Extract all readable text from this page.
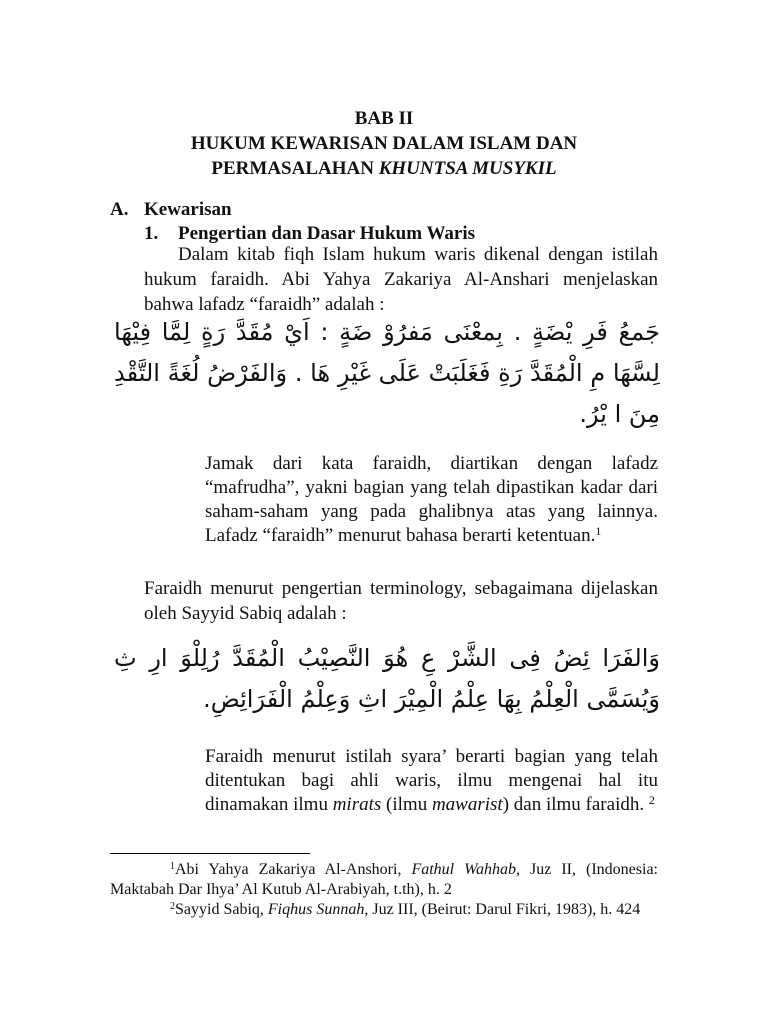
BAB II
HUKUM KEWARISAN DALAM ISLAM DAN
PERMASALAHAN KHUNTSA MUSYKIL
A. Kewarisan
1. Pengertian dan Dasar Hukum Waris

Dalam kitab fiqh Islam hukum waris dikenal dengan istilah hukum faraidh. Abi Yahya Zakariya Al-Anshari menjelaskan bahwa lafadz “faraidh” adalah :

جَمعُ فَرِ يْضَةٍ . بِمعْنَى مَفرُوْ ضَةٍ : اَيْ مُقَدَّ رَةٍ لِمَّا فِيْهَا لِسَّهَا مِ الْمُقَدَّ رَةِ فَغَلَبَتْ عَلَى غَيْرِ هَا . وَالفَرْضُ لُغَةً التَّقْدِ مِنَ ا يْرُ.
Jamak dari kata faraidh, diartikan dengan lafadz “mafrudha”, yakni bagian yang telah dipastikan kadar dari saham-saham yang pada ghalibnya atas yang lainnya. Lafadz “faraidh” menurut bahasa berarti ketentuan.$^1$

Faraidh menurut pengertian terminology, sebagaimana dijelaskan oleh Sayyid Sabiq adalah :

وَالفَرَا ئِضُ فِى الشَّرْ عِ هُوَ النَّصِيْبُ الْمُقَدَّ رُلِلْوَ ارِ ثِ وَيُسَمَّى الْعِلْمُ بِهَا عِلْمُ الْمِيْرَ اثِ وَعِلْمُ الْفَرَائِضِ.
Faraidh menurut istilah syara’ berarti bagian yang telah ditentukan bagi ahli waris, ilmu mengenai hal itu dinamakan ilmu mirats (ilmu mawarist) dan ilmu faraidh. $^2$

$^1$Abi Yahya Zakariya Al-Anshori, Fathul Wahhab, Juz II, (Indonesia: Maktabah Dar Ihya’ Al Kutub Al-Arabiyah, t.th), h. 2

$^2$Sayyid Sabiq, Fiqhus Sunnah, Juz III, (Beirut: Darul Fikri, 1983), h. 424
